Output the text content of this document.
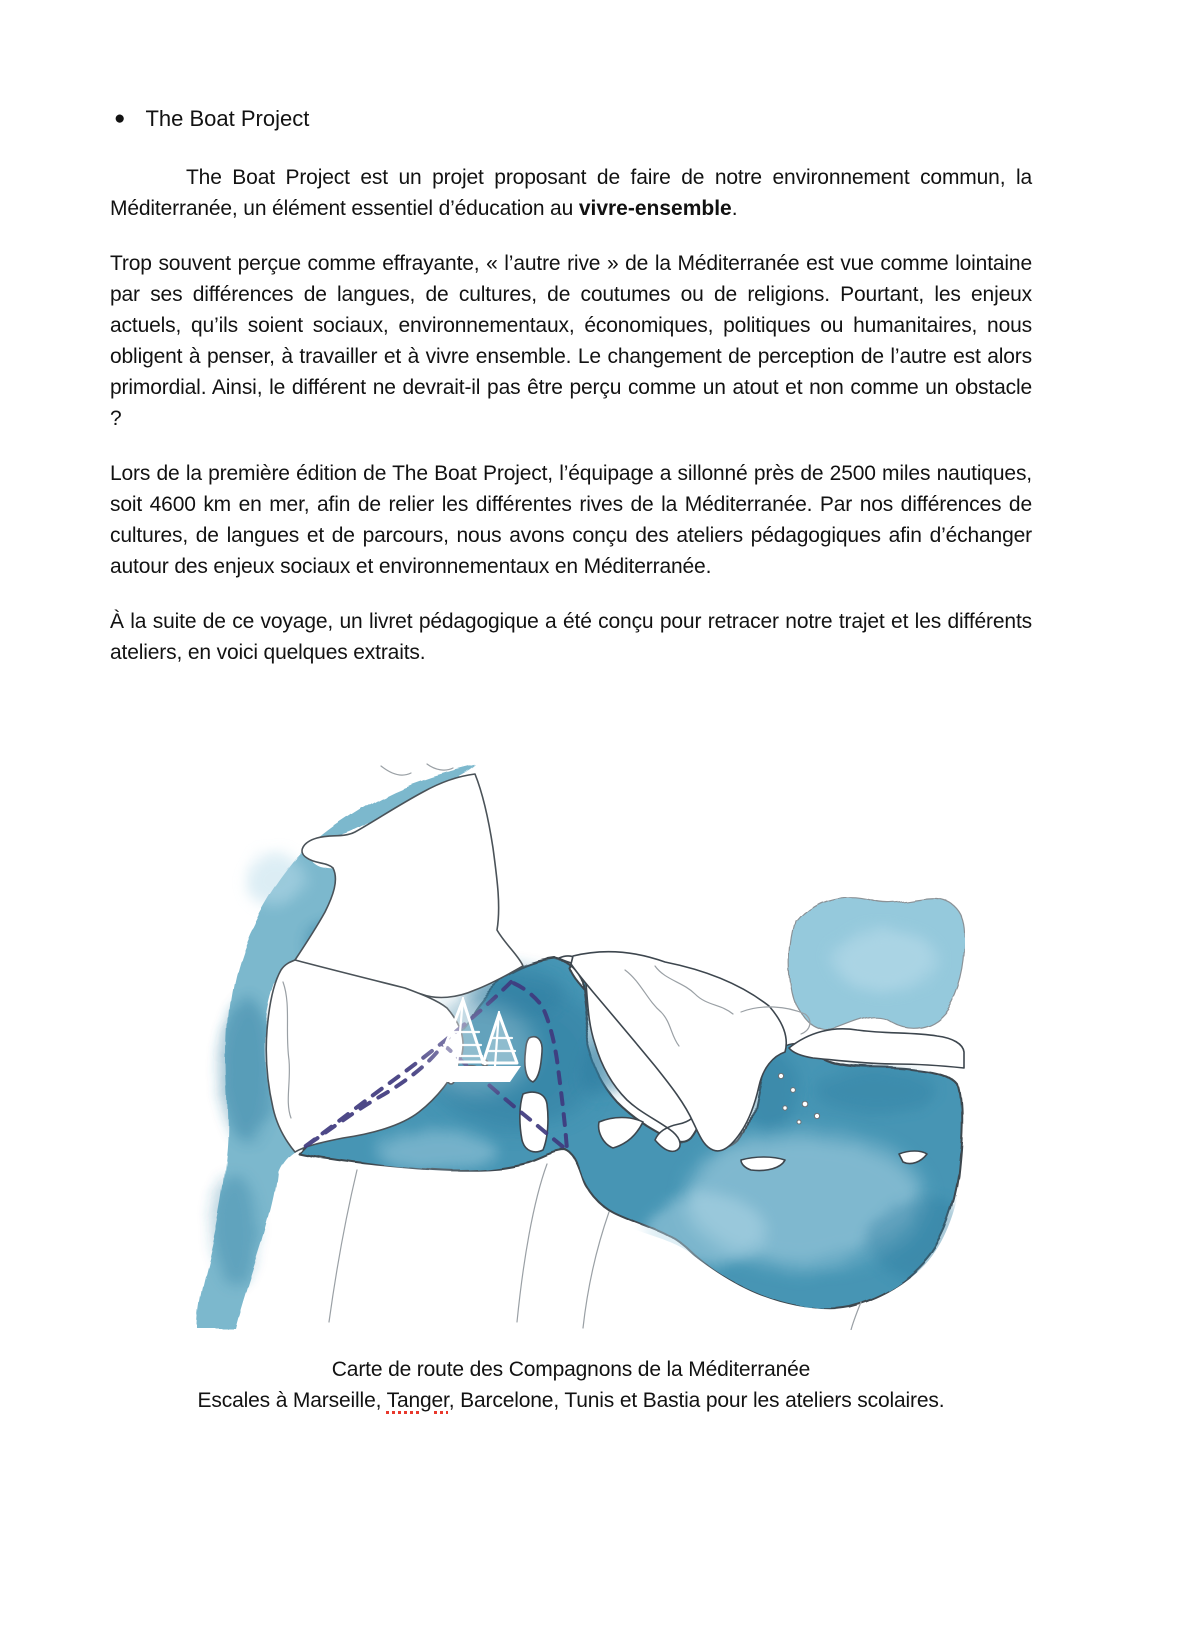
● The Boat Project

The Boat Project est un projet proposant de faire de notre environnement commun, la Méditerranée, un élément essentiel d’éducation au vivre-ensemble.

Trop souvent perçue comme effrayante, « l’autre rive » de la Méditerranée est vue comme lointaine par ses différences de langues, de cultures, de coutumes ou de religions. Pourtant, les enjeux actuels, qu’ils soient sociaux, environnementaux, économiques, politiques ou humanitaires, nous obligent à penser, à travailler et à vivre ensemble. Le changement de perception de l’autre est alors primordial. Ainsi, le différent ne devrait-il pas être perçu comme un atout et non comme un obstacle ?

Lors de la première édition de The Boat Project, l’équipage a sillonné près de 2500 miles nautiques, soit 4600 km en mer, afin de relier les différentes rives de la Méditerranée. Par nos différences de cultures, de langues et de parcours, nous avons conçu des ateliers pédagogiques afin d’échanger autour des enjeux sociaux et environnementaux en Méditerranée.

À la suite de ce voyage, un livret pédagogique a été conçu pour retracer notre trajet et les différents ateliers, en voici quelques extraits.

Carte de route des Compagnons de la Méditerranée
Escales à Marseille, Tanger, Barcelone, Tunis et Bastia pour les ateliers scolaires.
